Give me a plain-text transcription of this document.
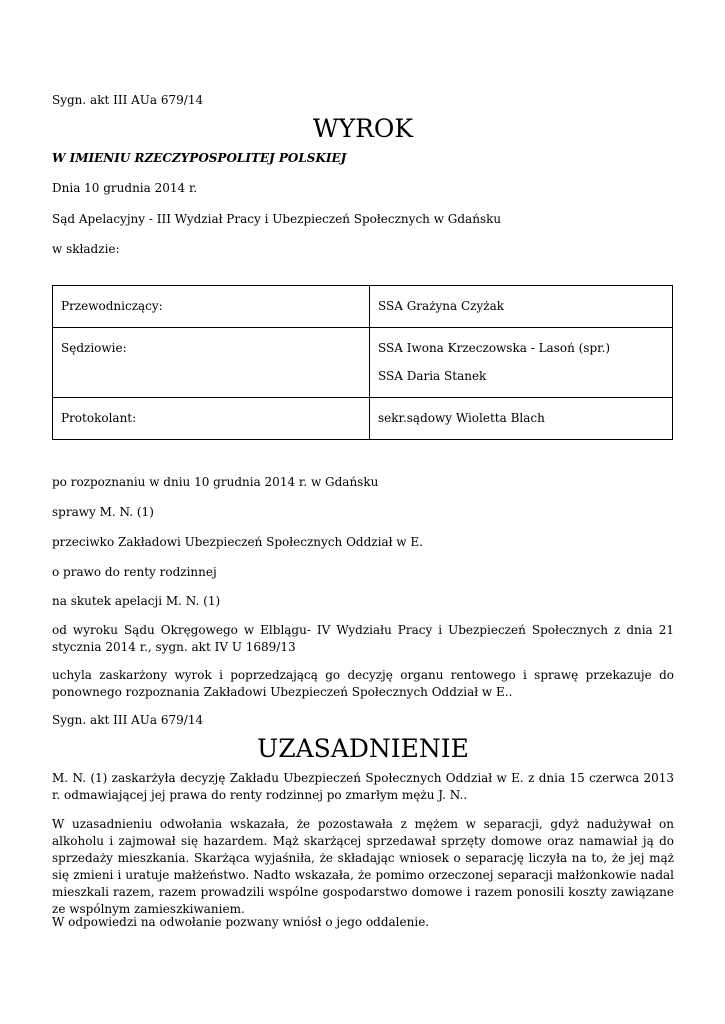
Sygn. akt III AUa 679/14

WYROK

W IMIENIU RZECZYPOSPOLITEJ POLSKIEJ

Dnia 10 grudnia 2014 r.

Sąd Apelacyjny - III Wydział Pracy i Ubezpieczeń Społecznych w Gdańsku

w składzie:

Przewodniczący:	SSA Grażyna Czyżak
Sędziowie:	SSA Iwona Krzeczowska - Lasoń (spr.)
SSA Daria Stanek

Protokolant:	sekr.sądowy Wioletta Blach

po rozpoznaniu w dniu 10 grudnia 2014 r. w Gdańsku

sprawy M. N. (1)

przeciwko Zakładowi Ubezpieczeń Społecznych Oddział w E.

o prawo do renty rodzinnej

na skutek apelacji M. N. (1)

od wyroku Sądu Okręgowego w Elblągu- IV Wydziału Pracy i Ubezpieczeń Społecznych z dnia 21 stycznia 2014 r., sygn. akt IV U 1689/13

uchyla zaskarżony wyrok i poprzedzającą go decyzję organu rentowego i sprawę przekazuje do ponownego rozpoznania Zakładowi Ubezpieczeń Społecznych Oddział w E..

Sygn. akt III AUa 679/14

UZASADNIENIE

M. N. (1) zaskarżyła decyzję Zakładu Ubezpieczeń Społecznych Oddział w E. z dnia 15 czerwca 2013 r. odmawiającej jej prawa do renty rodzinnej po zmarłym mężu J. N..

W uzasadnieniu odwołania wskazała, że pozostawała z mężem w separacji, gdyż nadużywał on alkoholu i zajmował się hazardem. Mąż skarżącej sprzedawał sprzęty domowe oraz namawiał ją do sprzedaży mieszkania. Skarżąca wyjaśniła, że składając wniosek o separację liczyła na to, że jej mąż się zmieni i uratuje małżeństwo. Nadto wskazała, że pomimo orzeczonej separacji małżonkowie nadal mieszkali razem, razem prowadzili wspólne gospodarstwo domowe i razem ponosili koszty zawiązane ze wspólnym zamieszkiwaniem.

W odpowiedzi na odwołanie pozwany wniósł o jego oddalenie.
